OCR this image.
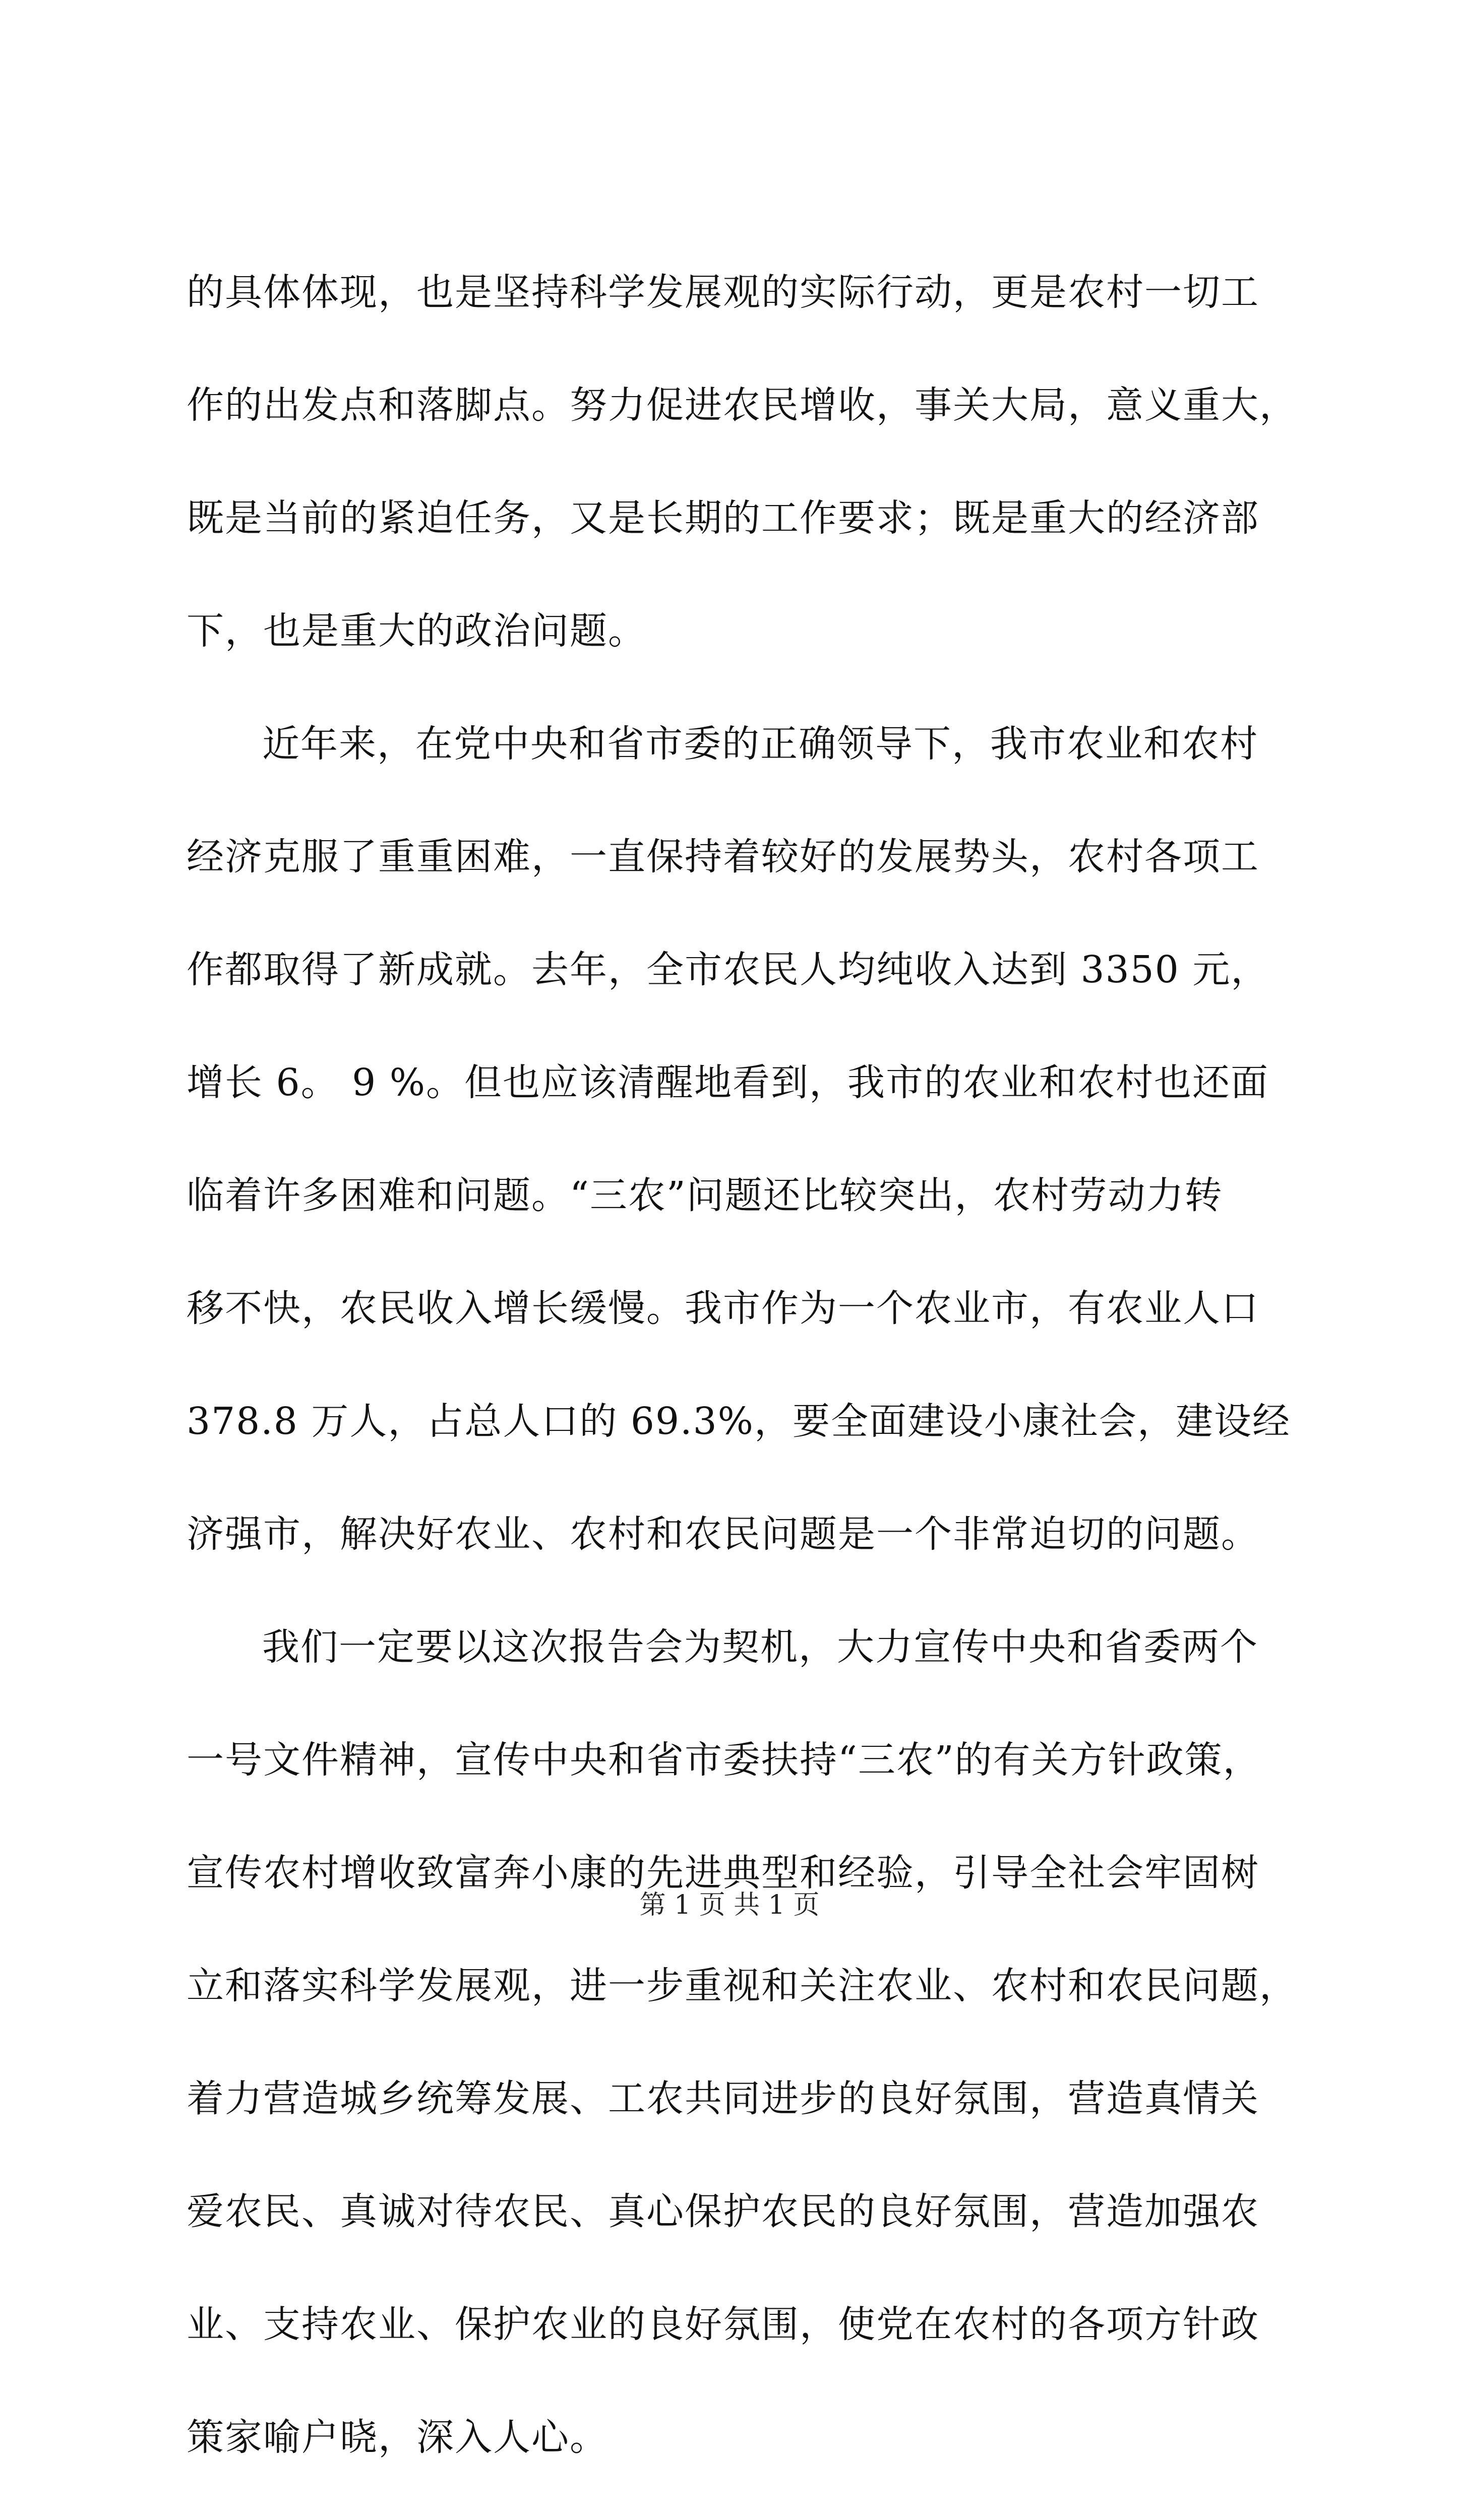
的具体体现，也是坚持科学发展观的实际行动，更是农村一切工
作的出发点和落脚点。努力促进农民增收，事关大局，意义重大，
既是当前的紧迫任务，又是长期的工作要求；既是重大的经济部
下，也是重大的政治问题。
近年来，在党中央和省市委的正确领导下，我市农业和农村
经济克服了重重困难，一直保持着较好的发展势头，农村各项工
作都取得了新成就。去年，全市农民人均纯收入达到 3350 元，
增长 6。 9 %。但也应该清醒地看到，我市的农业和农村也还面
临着许多困难和问题。“三农”问题还比较突出，农村劳动力转
移不快，农民收入增长缓慢。我市作为一个农业市，有农业人口
378.8 万人，占总人口的 69.3%，要全面建设小康社会，建设经
济强市，解决好农业、农村和农民问题是一个非常迫切的问题。
我们一定要以这次报告会为契机，大力宣传中央和省委两个
一号文件精神，宣传中央和省市委扶持“三农”的有关方针政策，
宣传农村增收致富奔小康的先进典型和经验，引导全社会牢固树
立和落实科学发展观，进一步重视和关注农业、农村和农民问题，
着力营造城乡统筹发展、工农共同进步的良好氛围，营造真情关
爱农民、真诚对待农民、真心保护农民的良好氛围，营造加强农
业、支持农业、保护农业的良好氛围，使党在农村的各项方针政
策家喻户晓，深入人心。
第 1 页 共 1 页
